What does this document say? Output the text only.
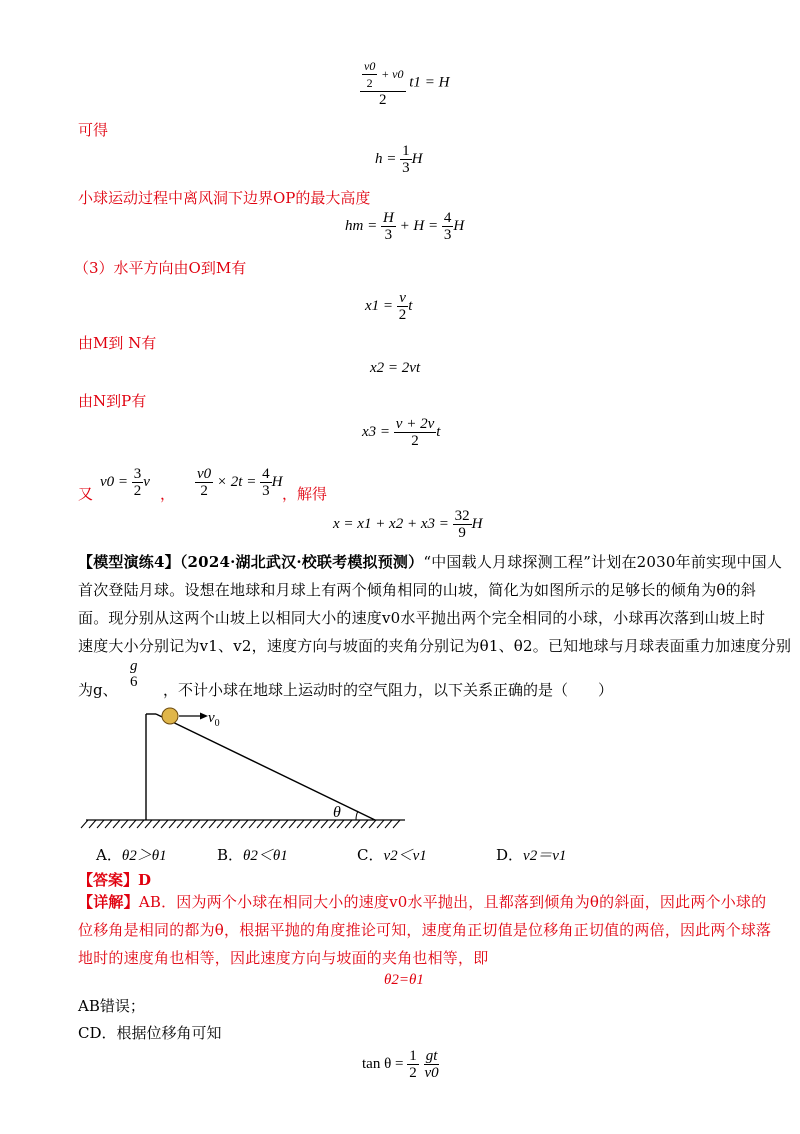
$\frac{\frac{v0}{2} + v0}{2} t1 = H$
可得
$h = \frac{1}{3}$ H
小球运动过程中离风洞下边界OP的最大高度
hm = $\frac{H}{3} + H = \frac{4}{3}$ H
（3）水平方向由O到M有
$x1 = \frac{v}{2}$ t
由M到 N有
x2 = 2vt
由N到P有
$x3 = \frac{v + 2v}{2}$ t
又
$v0 = \frac{3}{2}$ v
， $\frac{v0}{2} \times 2t = \frac{4}{3}$ H
，解得
$x = x1 + x2 + x3 = \frac{32}{9}$ H
【模型演练4】（2024·湖北武汉·校联考模拟预测）“中国载人月球探测工程”计划在2030年前实现中国人
首次登陆月球。设想在地球和月球上有两个倾角相同的山坡，简化为如图所示的足够长的倾角为θ的斜
面。现分别从这两个山坡上以相同大小的速度v0水平抛出两个完全相同的小球，小球再次落到山坡上时
速度大小分别记为v1、v2，速度方向与坡面的夹角分别记为θ1、θ2。已知地球与月球表面重力加速度分别
为g、
g
6 ，不计小球在地球上运动时的空气阻力，以下关系正确的是（　　）
$v_0$
θ
A．θ2＞θ1	B．θ2＜θ1	C．v2＜v1	D．v2＝v1
【答案】D
【详解】AB．因为两个小球在相同大小的速度v0水平抛出，且都落到倾角为θ的斜面，因此两个小球的
位移角是相同的都为θ，根据平抛的角度推论可知，速度角正切值是位移角正切值的两倍，因此两个球落
地时的速度角也相等，因此速度方向与坡面的夹角也相等，即
θ2=θ1
AB错误；
CD．根据位移角可知
$\tan \theta = \frac{1}{2}$
$\frac{gt}{v0}$
